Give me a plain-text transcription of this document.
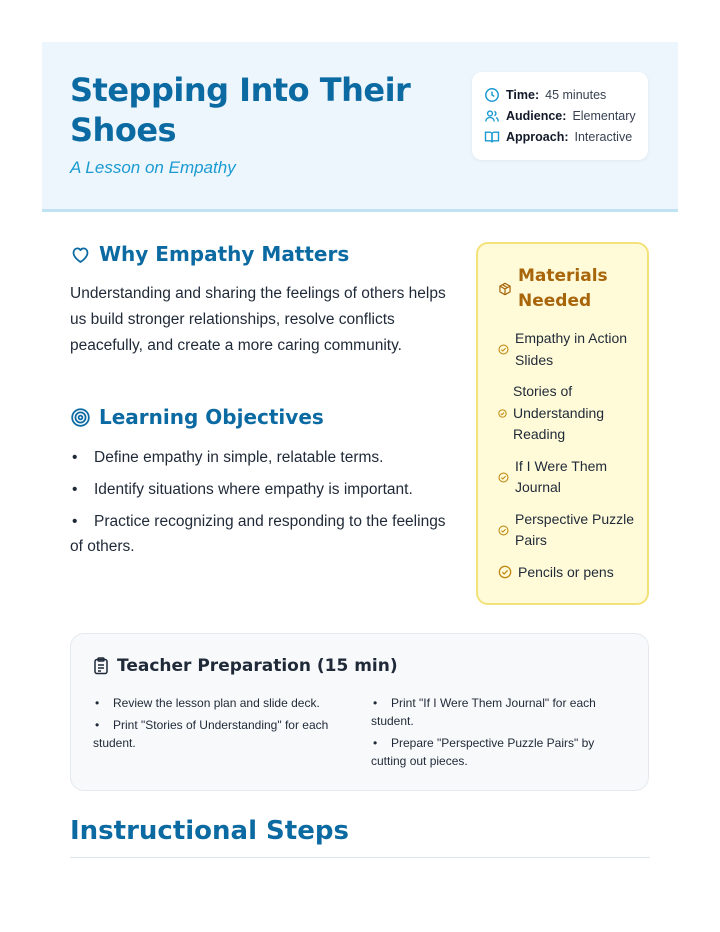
Stepping Into Their Shoes
A Lesson on Empathy
Time: 45 minutes
Audience: Elementary
Approach: Interactive
Why Empathy Matters

Understanding and sharing the feelings of others helps us build stronger relationships, resolve conflicts peacefully, and create a more caring community.

Learning Objectives
• Define empathy in simple, relatable terms.
• Identify situations where empathy is important.
• Practice recognizing and responding to the feelings of others.
Materials Needed
Empathy in Action Slides
Stories of Understanding Reading
If I Were Them Journal
Perspective Puzzle Pairs
Pencils or pens
Teacher Preparation (15 min)
• Review the lesson plan and slide deck.
• Print "Stories of Understanding" for each student.
• Print "If I Were Them Journal" for each student.
• Prepare "Perspective Puzzle Pairs" by cutting out pieces.
Instructional Steps
